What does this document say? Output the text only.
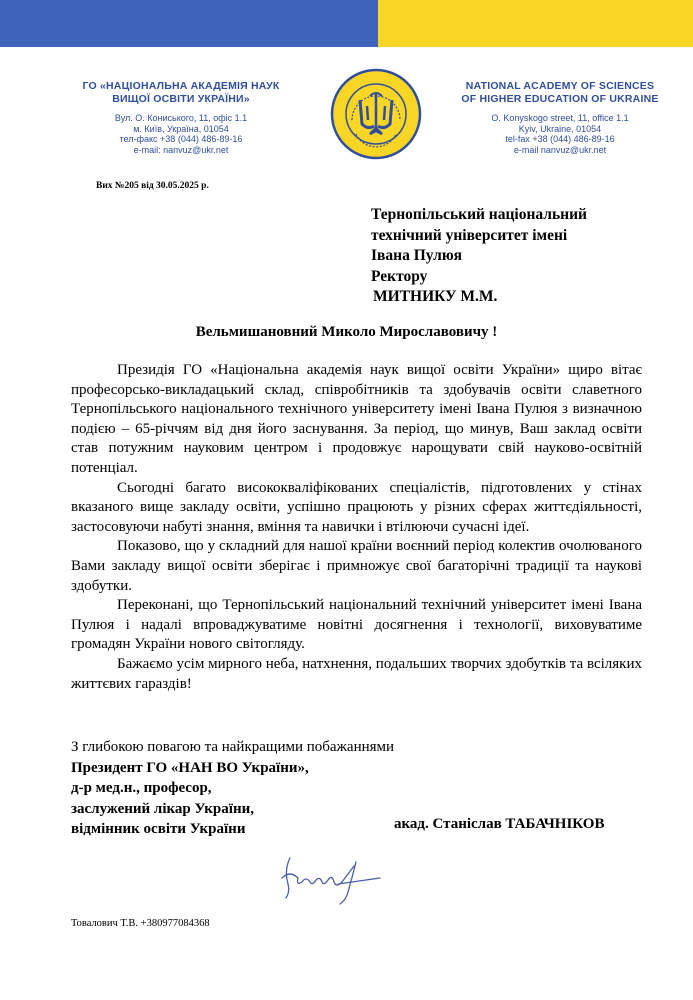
ГО «НАЦІОНАЛЬНА АКАДЕМІЯ НАУК
ВИЩОЇ ОСВІТИ УКРАЇНИ»
Вул. О. Кониського, 11, офіс 1.1
м. Київ, Україна, 01054
тел-факс +38 (044) 486-89-16
e-mail: nanvuz@ukr.net
NATIONAL ACADEMY OF SCIENCES
OF HIGHER EDUCATION OF UKRAINE
O. Konyskogo street, 11, office 1.1
Kyiv, Ukraine, 01054
tel-fax +38 (044) 486-89-16
e-mail nanvuz@ukr.net
Вих №205 від 30.05.2025 р.
Тернопільський національний
технічний університет імені
Івана Пулюя
Ректору
МИТНИКУ М.М.
Вельмишановний Миколо Мирославовичу !

Президія ГО «Національна академія наук вищої освіти України» щиро вітає професорсько-викладацький склад, співробітників та здобувачів освіти славетного Тернопільського національного технічного університету імені Івана Пулюя з визначною подією – 65-річчям від дня його заснування. За період, що минув, Ваш заклад освіти став потужним науковим центром і продовжує нарощувати свій науково-освітній потенціал.

Сьогодні багато висококваліфікованих спеціалістів, підготовлених у стінах вказаного вище закладу освіти, успішно працюють у різних сферах життєдіяльності, застосовуючи набуті знання, вміння та навички і втілюючи сучасні ідеї.

Показово, що у складний для нашої країни воєнний період колектив очолюваного Вами закладу вищої освіти зберігає і примножує свої багаторічні традиції та наукові здобутки.

Переконані, що Тернопільський національний технічний університет імені Івана Пулюя і надалі впроваджуватиме новітні досягнення і технології, виховуватиме громадян України нового світогляду.

Бажаємо усім мирного неба, натхнення, подальших творчих здобутків та всіляких життєвих гараздів!

З глибокою повагою та найкращими побажаннями
Президент ГО «НАН ВО України»,
д-р мед.н., професор,
заслужений лікар України,
відмінник освіти України	акад. Станіслав ТАБАЧНІКОВ
Товалович Т.В. +380977084368
